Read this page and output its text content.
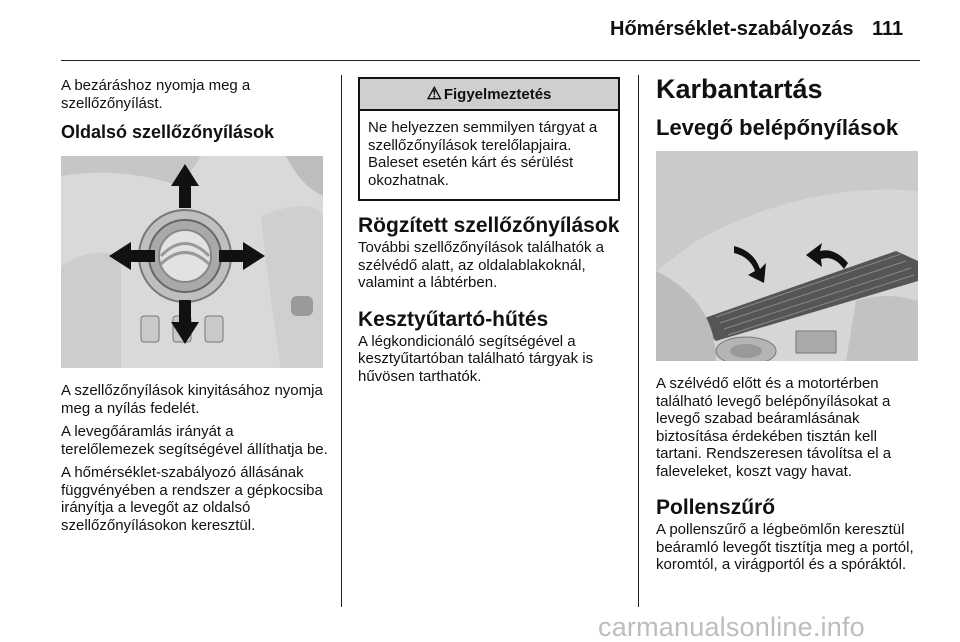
Hőmérséklet-szabályozás 111
A bezáráshoz nyomja meg a szellőzőnyílást.
Oldalsó szellőzőnyílások
A szellőzőnyílások kinyitásához nyomja meg a nyílás fedelét.
A levegőáramlás irányát a terelőlemezek segítségével állíthatja be.
A hőmérséklet-szabályozó állásának függvényében a rendszer a gépkocsiba irányítja a levegőt az oldalsó szellőzőnyílásokon keresztül.
⚠ Figyelmeztetés
Ne helyezzen semmilyen tárgyat a szellőzőnyílások terelőlapjaira. Baleset esetén kárt és sérülést okozhatnak.
Rögzített szellőzőnyílások
További szellőzőnyílások találhatók a szélvédő alatt, az oldalablakoknál, valamint a lábtérben.
Kesztyűtartó-hűtés
A légkondicionáló segítségével a kesztyűtartóban található tárgyak is hűvösen tarthatók.
Karbantartás
Levegő belépőnyílások
A szélvédő előtt és a motortérben található levegő belépőnyílásokat a levegő szabad beáramlásának biztosítása érdekében tisztán kell tartani. Rendszeresen távolítsa el a faleveleket, koszt vagy havat.
Pollenszűrő
A pollenszűrő a légbeömlőn keresztül beáramló levegőt tisztítja meg a portól, koromtól, a virágportól és a spóráktól.
carmanualsonline.info
